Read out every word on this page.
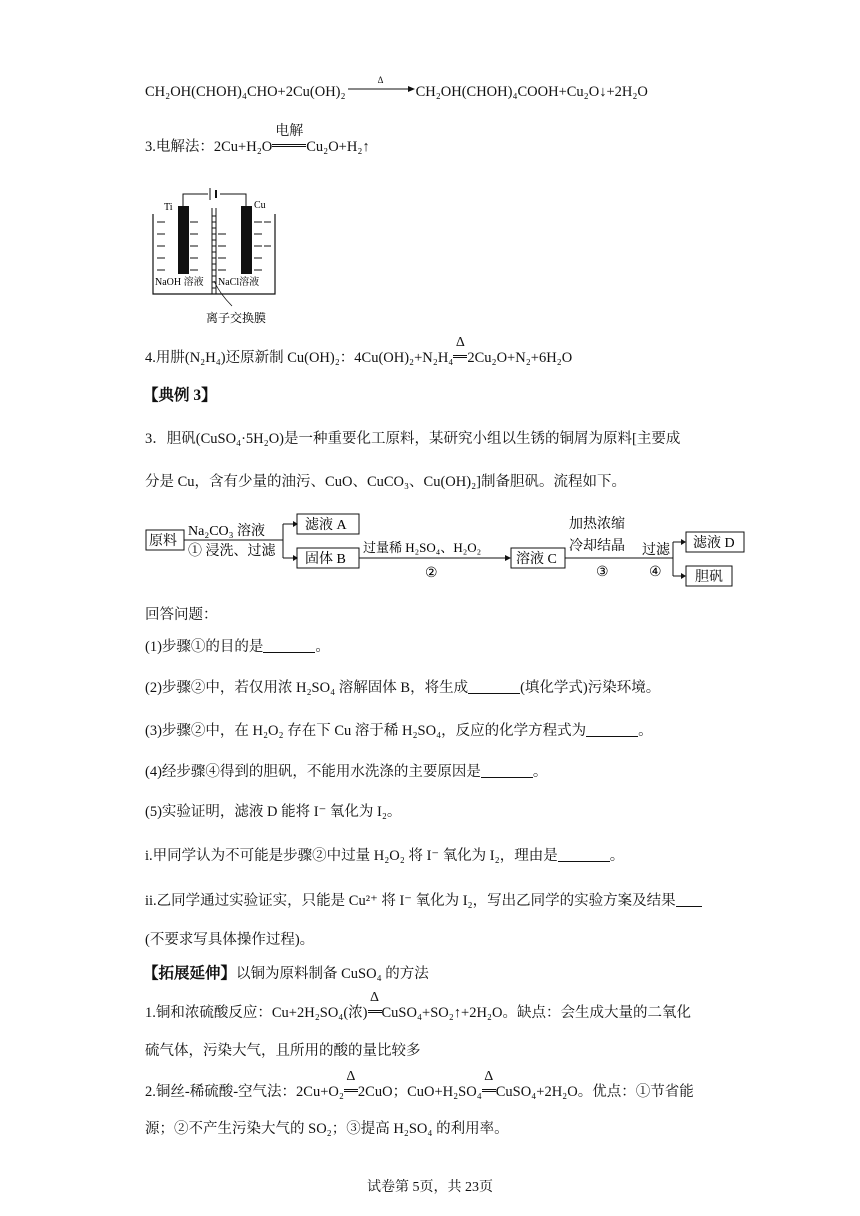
CH₂OH(CHOH)₄CHO+2Cu(OH)₂
Δ
CH₂OH(CHOH)₄COOH+Cu₂O↓+2H₂O
3.电解法：2Cu+H₂O
电解
Cu₂O+H₂↑
Ti	Cu
NaOH 溶液 NaCl溶液
离子交换膜
4.用肼(N₂H₄)还原新制 Cu(OH)₂：4Cu(OH)₂+N₂H₄
Δ
2Cu₂O+N₂+6H₂O
【典例 3】
3．胆矾(CuSO₄·5H₂O)是一种重要化工原料，某研究小组以生锈的铜屑为原料[主要成
分是 Cu，含有少量的油污、CuO、CuCO₃、Cu(OH)₂]制备胆矾。流程如下。
原料
Na₂CO₃ 溶液
① 浸洗、过滤
滤液 A
固体 B
过量稀 H₂SO₄、H₂O₂
②
溶液 C
加热浓缩
冷却结晶
③
过滤
④
滤液 D
胆矾
回答问题：
(1)步骤①的目的是	。
(2)步骤②中，若仅用浓 H₂SO₄ 溶解固体 B，将生成	(填化学式)污染环境。
(3)步骤②中，在 H₂O₂ 存在下 Cu 溶于稀 H₂SO₄，反应的化学方程式为	。
(4)经步骤④得到的胆矾，不能用水洗涤的主要原因是	。
(5)实验证明，滤液 D 能将 I⁻ 氧化为 I₂。
i.甲同学认为不可能是步骤②中过量 H₂O₂ 将 I⁻ 氧化为 I₂，理由是	。
ii.乙同学通过实验证实，只能是 Cu²⁺ 将 I⁻ 氧化为 I₂，写出乙同学的实验方案及结果
(不要求写具体操作过程)。
【拓展延伸】以铜为原料制备 CuSO₄ 的方法
1.铜和浓硫酸反应：Cu+2H₂SO₄(浓)
Δ
CuSO₄+SO₂↑+2H₂O。缺点：会生成大量的二氧化
硫气体，污染大气，且所用的酸的量比较多
2.铜丝-稀硫酸-空气法：2Cu+O₂
Δ
2CuO；CuO+H₂SO₄
Δ
CuSO₄+2H₂O。优点：①节省能
源；②不产生污染大气的 SO₂；③提高 H₂SO₄ 的利用率。
试卷第 5页，共 23页
